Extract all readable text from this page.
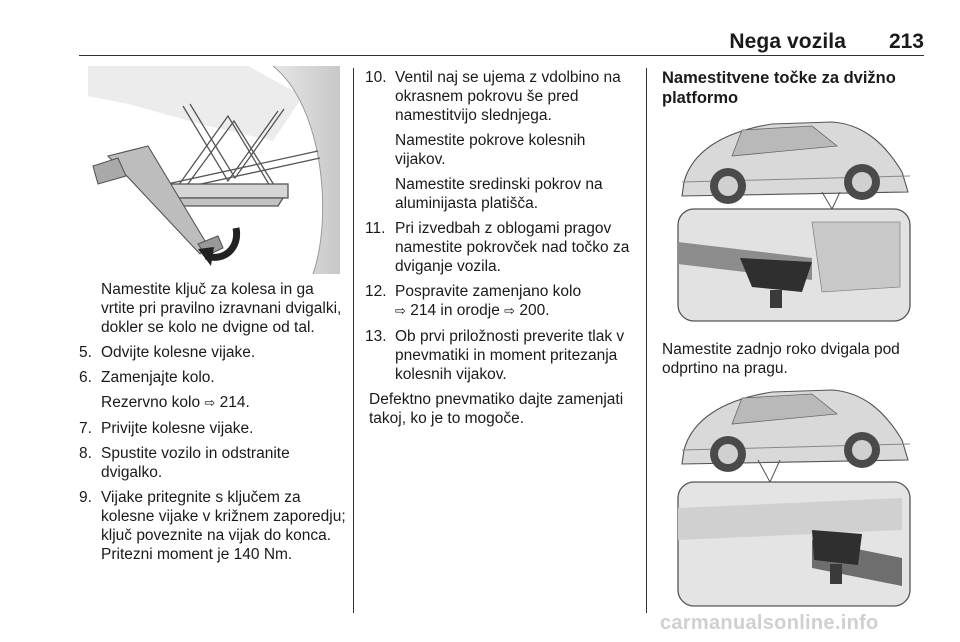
Nega vozila 213

Namestite ključ za kolesa in ga vrtite pri pravilno izravnani dvigalki, dokler se kolo ne dvigne od tal.

5. Odvijte kolesne vijake.
6. Zamenjajte kolo.

Rezervno kolo ⇨ 214.

7. Privijte kolesne vijake.
8. Spustite vozilo in odstranite dvigalko.
9. Vijake pritegnite s ključem za kolesne vijake v križnem zaporedju; ključ poveznite na vijak do konca. Pritezni moment je 140 Nm.
10. Ventil naj se ujema z vdolbino na okrasnem pokrovu še pred namestitvijo slednjega.

Namestite pokrove kolesnih vijakov.

Namestite sredinski pokrov na aluminijasta platišča.

11. Pri izvedbah z oblogami pragov namestite pokrovček nad točko za dviganje vozila.
12. Pospravite zamenjano kolo
⇨ 214 in orodje ⇨ 200.
13. Ob prvi priložnosti preverite tlak v pnevmatiki in moment pritezanja kolesnih vijakov.

Defektno pnevmatiko dajte zamenjati takoj, ko je to mogoče.

Namestitvene točke za dvižno platformo

Namestite zadnjo roko dvigala pod odprtino na pragu.

carmanualsonline.info
